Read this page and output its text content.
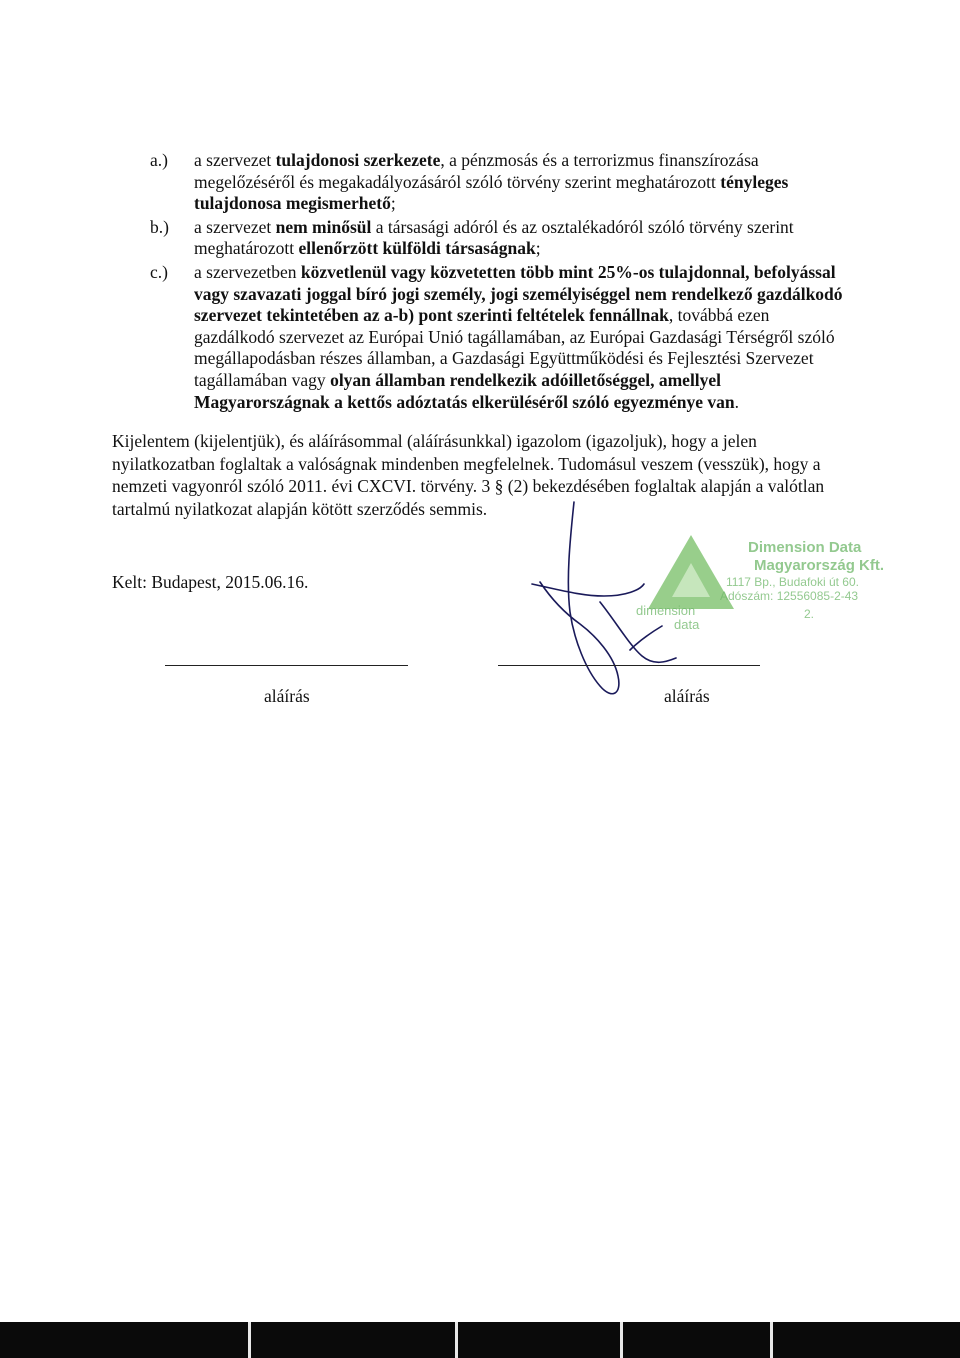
a.)	a szervezet tulajdonosi szerkezete, a pénzmosás és a terrorizmus finanszírozása megelőzéséről és megakadályozásáról szóló törvény szerint meghatározott tényleges tulajdonosa megismerhető;
b.)	a szervezet nem minősül a társasági adóról és az osztalékadóról szóló törvény szerint meghatározott ellenőrzött külföldi társaságnak;
c.)	a szervezetben közvetlenül vagy közvetetten több mint 25%-os tulajdonnal, befolyással vagy szavazati joggal bíró jogi személy, jogi személyiséggel nem rendelkező gazdálkodó szervezet tekintetében az a-b) pont szerinti feltételek fennállnak, továbbá ezen gazdálkodó szervezet az Európai Unió tagállamában, az Európai Gazdasági Térségről szóló megállapodásban részes államban, a Gazdasági Együttműködési és Fejlesztési Szervezet tagállamában vagy olyan államban rendelkezik adóilletőséggel, amellyel Magyarországnak a kettős adóztatás elkerüléséről szóló egyezménye van.

Kijelentem (kijelentjük), és aláírásommal (aláírásunkkal) igazolom (igazoljuk), hogy a jelen nyilatkozatban foglaltak a valóságnak mindenben megfelelnek. Tudomásul veszem (vesszük), hogy a nemzeti vagyonról szóló 2011. évi CXCVI. törvény. 3 § (2) bekezdésében foglaltak alapján a valótlan tartalmú nyilatkozat alapján kötött szerződés semmis.

Kelt: Budapest, 2015.06.16.
Dimension Data
Magyarország Kft.
1117 Bp., Budafoki út 60.
Adószám: 12556085-2-43
2.
dimension
data
aláírás	aláírás
